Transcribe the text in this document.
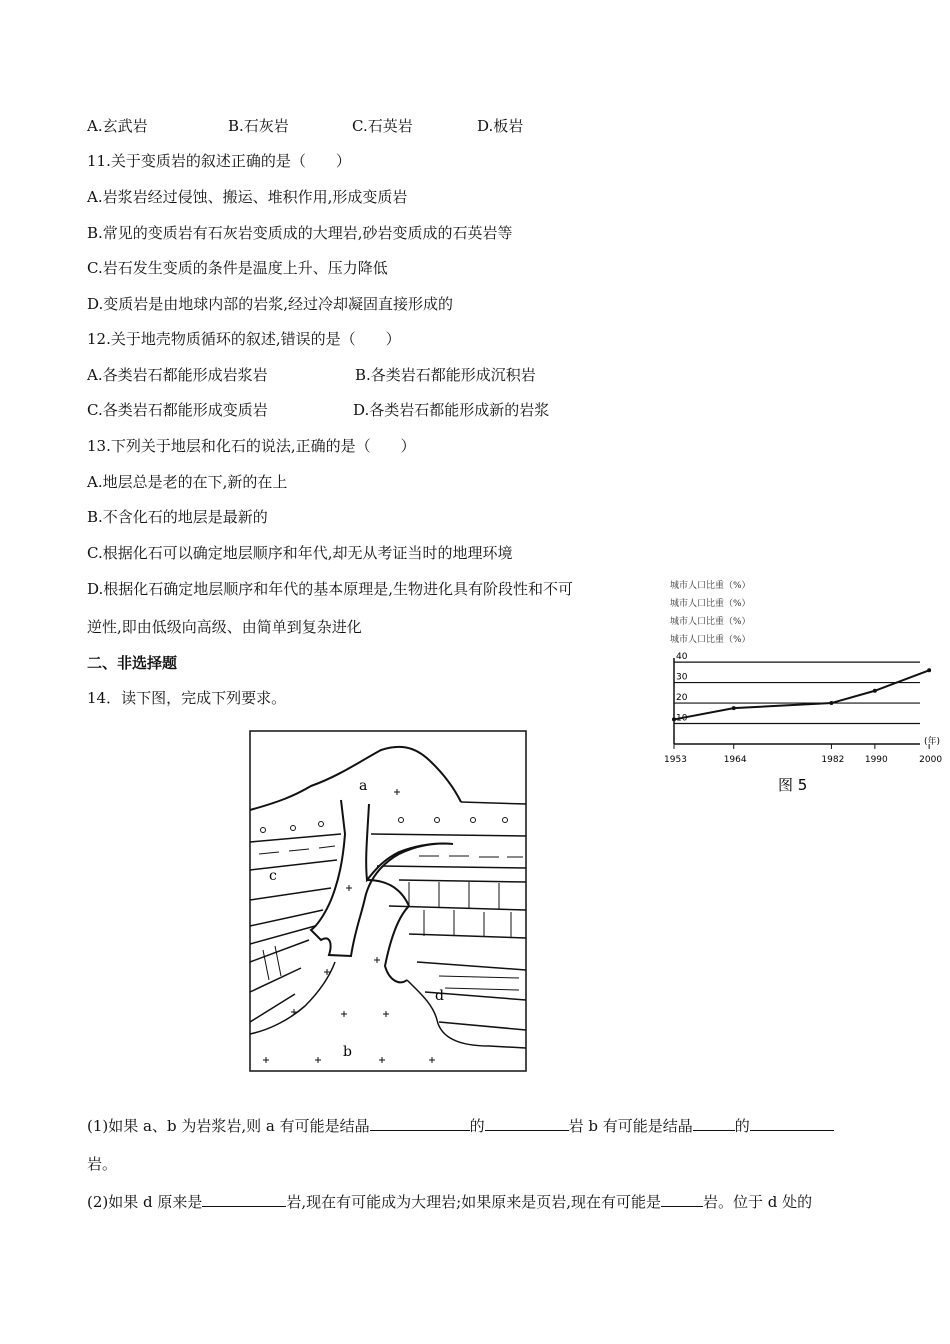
A.玄武岩	B.石灰岩	C.石英岩	D.板岩
11.关于变质岩的叙述正确的是（　　）
A.岩浆岩经过侵蚀、搬运、堆积作用,形成变质岩
B.常见的变质岩有石灰岩变质成的大理岩,砂岩变质成的石英岩等
C.岩石发生变质的条件是温度上升、压力降低
D.变质岩是由地球内部的岩浆,经过冷却凝固直接形成的
12.关于地壳物质循环的叙述,错误的是（　　）
A.各类岩石都能形成岩浆岩	B.各类岩石都能形成沉积岩
C.各类岩石都能形成变质岩	D.各类岩石都能形成新的岩浆
13.下列关于地层和化石的说法,正确的是（　　）
A.地层总是老的在下,新的在上
B.不含化石的地层是最新的
C.根据化石可以确定地层顺序和年代,却无从考证当时的地理环境
D.根据化石确定地层顺序和年代的基本原理是,生物进化具有阶段性和不可
逆性,即由低级向高级、由简单到复杂进化
二、非选择题
14．读下图，完成下列要求。
a
b
c
d
城市人口比重（%）
城市人口比重（%）
城市人口比重（%）
城市人口比重（%）
10
20
30
40
1953	1964	1982 1990	2000
(年)
图 5
(1)如果 a、b 为岩浆岩,则 a 有可能是结晶	的	岩 b 有可能是结晶	的
岩。
(2)如果 d 原来是	岩,现在有可能成为大理岩;如果原来是页岩,现在有可能是	岩。位于 d 处的
